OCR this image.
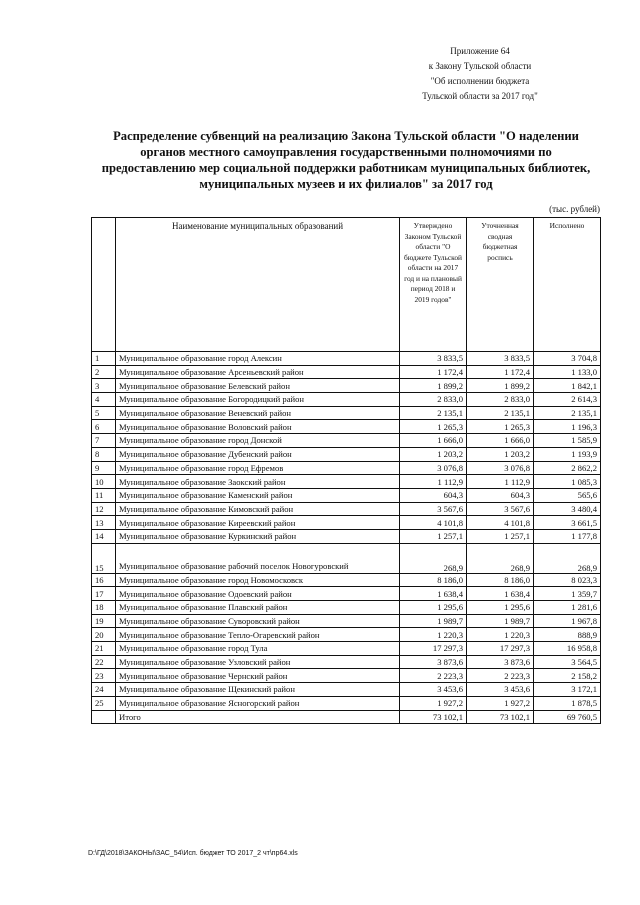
Приложение 64
к Закону Тульской области
"Об исполнении бюджета
Тульской области за 2017 год"
Распределение субвенций на реализацию Закона Тульской области "О наделении
органов местного самоуправления государственными полномочиями по
предоставлению мер социальной поддержки работникам муниципальных библиотек,
муниципальных музеев и их филиалов" за 2017 год
(тыс. рублей)
	Наименование муниципальных образований	Утверждено Законом Тульской области "О бюджете Тульской области на 2017 год и на плановый период 2018 и 2019 годов"	Уточненная сводная бюджетная роспись	Исполнено
1	Муниципальное образование город Алексин	3 833,5	3 833,5	3 704,8
2	Муниципальное образование Арсеньевский район	1 172,4	1 172,4	1 133,0
3	Муниципальное образование Белевский район	1 899,2	1 899,2	1 842,1
4	Муниципальное образование Богородицкий район	2 833,0	2 833,0	2 614,3
5	Муниципальное образование Веневский район	2 135,1	2 135,1	2 135,1
6	Муниципальное образование Воловский район	1 265,3	1 265,3	1 196,3
7	Муниципальное образование город Донской	1 666,0	1 666,0	1 585,9
8	Муниципальное образование Дубенский район	1 203,2	1 203,2	1 193,9
9	Муниципальное образование город Ефремов	3 076,8	3 076,8	2 862,2
10	Муниципальное образование Заокский район	1 112,9	1 112,9	1 085,3
11	Муниципальное образование Каменский район	604,3	604,3	565,6
12	Муниципальное образование Кимовский район	3 567,6	3 567,6	3 480,4
13	Муниципальное образование Киреевский район	4 101,8	4 101,8	3 661,5
14	Муниципальное образование Куркинский район	1 257,1	1 257,1	1 177,8
15	Муниципальное образование рабочий поселок Новогуровский	268,9	268,9	268,9
16	Муниципальное образование город Новомосковск	8 186,0	8 186,0	8 023,3
17	Муниципальное образование Одоевский район	1 638,4	1 638,4	1 359,7
18	Муниципальное образование Плавский район	1 295,6	1 295,6	1 281,6
19	Муниципальное образование Суворовский район	1 989,7	1 989,7	1 967,8
20	Муниципальное образование Тепло-Огаревский район	1 220,3	1 220,3	888,9
21	Муниципальное образование город Тула	17 297,3	17 297,3	16 958,8
22	Муниципальное образование Узловский район	3 873,6	3 873,6	3 564,5
23	Муниципальное образование Чернский район	2 223,3	2 223,3	2 158,2
24	Муниципальное образование Щекинский район	3 453,6	3 453,6	3 172,1
25	Муниципальное образование Ясногорский район	1 927,2	1 927,2	1 878,5
	Итого	73 102,1	73 102,1	69 760,5
D:\ГД\2018\ЗАКОНЫ\ЗАС_54\Исп. бюджет ТО 2017_2 чт\пр64.xls
